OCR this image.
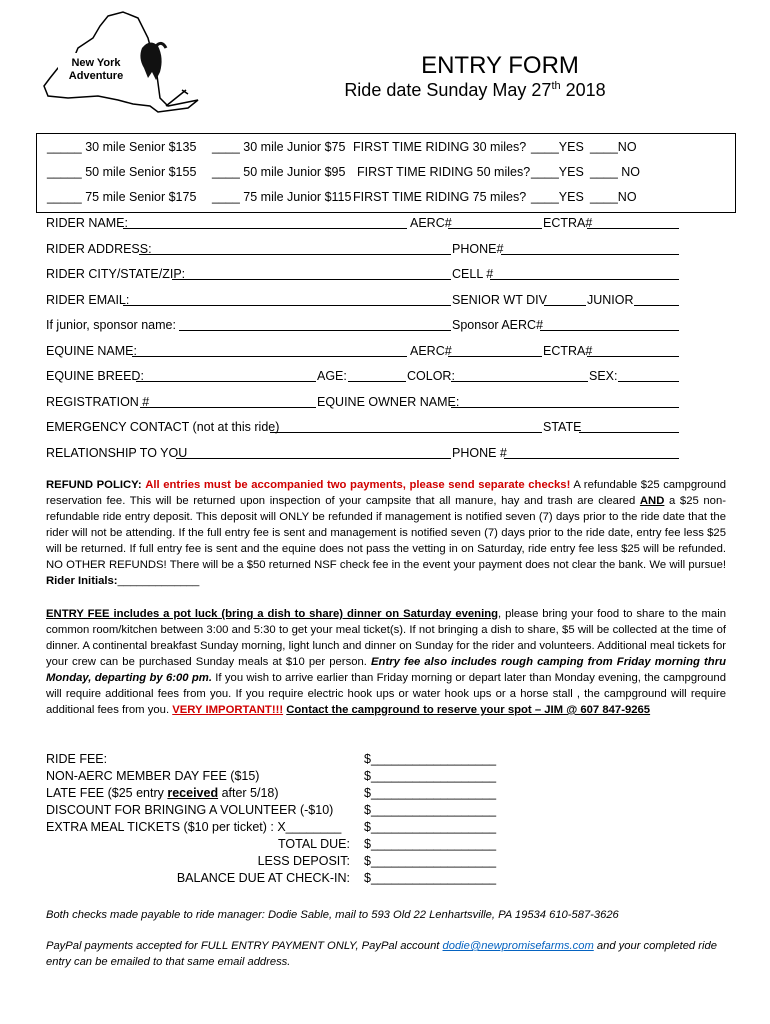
New York
Adventure	ENTRY FORM
Ride date Sunday May 27th 2018
_____ 30 mile Senior $135 ____ 30 mile Junior $75 FIRST TIME RIDING 30 miles? ____YES ____NO
_____ 50 mile Senior $155 ____ 50 mile Junior $95 FIRST TIME RIDING 50 miles? ____YES ____ NO
_____ 75 mile Senior $175 ____ 75 mile Junior $115 FIRST TIME RIDING 75 miles? ____YES ____NO
RIDER NAME:	AERC#	ECTRA#
RIDER ADDRESS:	PHONE#
RIDER CITY/STATE/ZIP:	CELL #
RIDER EMAIL:	SENIOR WT DIV	JUNIOR
If junior, sponsor name:	Sponsor AERC#
EQUINE NAME:	AERC#	ECTRA#
EQUINE BREED:	AGE:	COLOR:	SEX:
REGISTRATION #	EQUINE OWNER NAME:
EMERGENCY CONTACT (not at this ride)	STATE
RELATIONSHIP TO YOU	PHONE #
REFUND POLICY: All entries must be accompanied two payments, please send separate checks! A refundable $25 campground reservation fee. This will be returned upon inspection of your campsite that all manure, hay and trash are cleared AND a $25 non-refundable ride entry deposit. This deposit will ONLY be refunded if management is notified seven (7) days prior to the ride date that the rider will not be attending. If the full entry fee is sent and management is notified seven (7) days prior to the ride date, entry fee less $25 will be returned. If full entry fee is sent and the equine does not pass the vetting in on Saturday, ride entry fee less $25 will be refunded. NO OTHER REFUNDS! There will be a $50 returned NSF check fee in the event your payment does not clear the bank. We will pursue! Rider Initials:_____________
ENTRY FEE includes a pot luck (bring a dish to share) dinner on Saturday evening, please bring your food to share to the main common room/kitchen between 3:00 and 5:30 to get your meal ticket(s). If not bringing a dish to share, $5 will be collected at the time of dinner. A continental breakfast Sunday morning, light lunch and dinner on Sunday for the rider and volunteers. Additional meal tickets for your crew can be purchased Sunday meals at $10 per person. Entry fee also includes rough camping from Friday morning thru Monday, departing by 6:00 pm. If you wish to arrive earlier than Friday morning or depart later than Monday evening, the campground will require additional fees from you. If you require electric hook ups or water hook ups or a horse stall , the campground will require additional fees from you. VERY IMPORTANT!!! Contact the campground to reserve your spot – JIM @ 607 847-9265
RIDE FEE:	$__________________
NON-AERC MEMBER DAY FEE ($15)	$__________________
LATE FEE ($25 entry received after 5/18)	$__________________
DISCOUNT FOR BRINGING A VOLUNTEER (-$10) $__________________
EXTRA MEAL TICKETS ($10 per ticket) : X________ $__________________
TOTAL DUE: $__________________
LESS DEPOSIT: $__________________
BALANCE DUE AT CHECK-IN: $__________________
Both checks made payable to ride manager: Dodie Sable, mail to 593 Old 22 Lenhartsville, PA 19534 610-587-3626
PayPal payments accepted for FULL ENTRY PAYMENT ONLY, PayPal account dodie@newpromisefarms.com and your completed ride entry can be emailed to that same email address.
